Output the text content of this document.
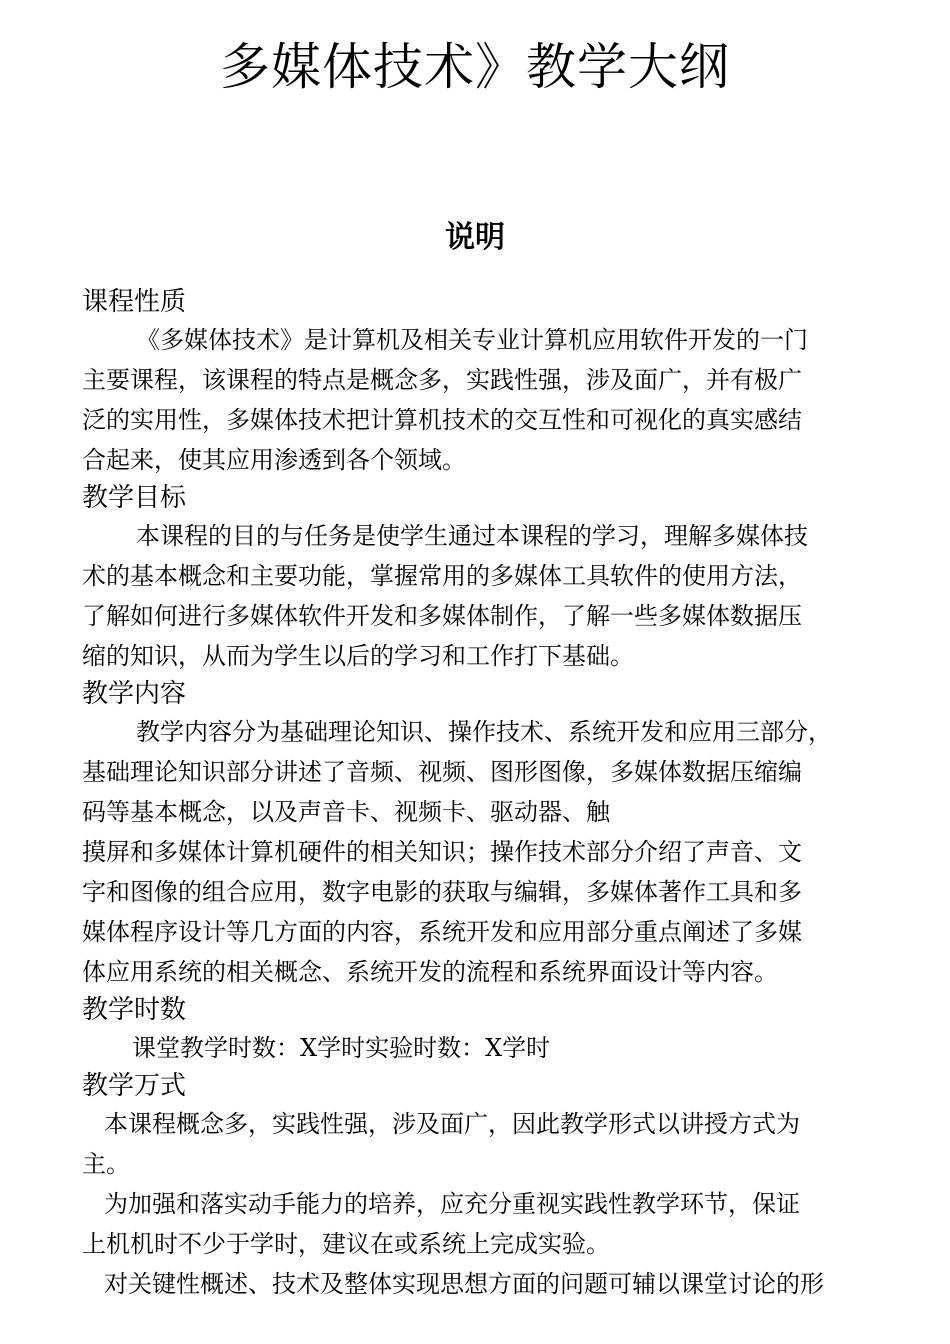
多媒体技术》教学大纲
说明
课程性质

《多媒体技术》是计算机及相关专业计算机应用软件开发的一门
主要课程，该课程的特点是概念多，实践性强，涉及面广，并有极广
泛的实用性，多媒体技术把计算机技术的交互性和可视化的真实感结
合起来，使其应用渗透到各个领域。

教学目标

本课程的目的与任务是使学生通过本课程的学习，理解多媒体技
术的基本概念和主要功能，掌握常用的多媒体工具软件的使用方法，
了解如何进行多媒体软件开发和多媒体制作，了解一些多媒体数据压
缩的知识，从而为学生以后的学习和工作打下基础。

教学内容

教学内容分为基础理论知识、操作技术、系统开发和应用三部分，
基础理论知识部分讲述了音频、视频、图形图像，多媒体数据压缩编
码等基本概念，以及声音卡、视频卡、驱动器、触
摸屏和多媒体计算机硬件的相关知识；操作技术部分介绍了声音、文
字和图像的组合应用，数字电影的获取与编辑，多媒体著作工具和多
媒体程序设计等几方面的内容，系统开发和应用部分重点阐述了多媒
体应用系统的相关概念、系统开发的流程和系统界面设计等内容。

教学时数

课堂教学时数：X学时实验时数：X学时

教学万式

本课程概念多，实践性强，涉及面广，因此教学形式以讲授方式为
主。

为加强和落实动手能力的培养，应充分重视实践性教学环节，保证
上机机时不少于学时，建议在或系统上完成实验。

对关键性概述、技术及整体实现思想方面的问题可辅以课堂讨论的形
